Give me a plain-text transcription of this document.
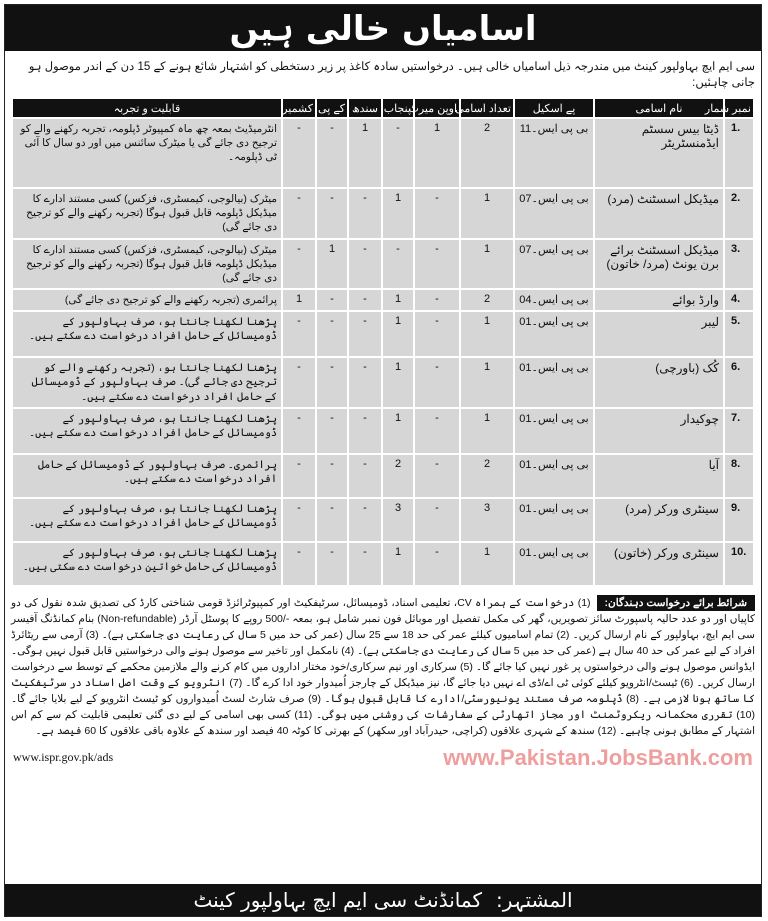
اسامیاں خالی ہیں
سی ایم ایچ بہاولپور کینٹ میں مندرجہ ذیل اسامیاں خالی ہیں۔ درخواستیں سادہ کاغذ پر زیر دستخطی کو اشتہار شائع ہونے کے 15 دن کے اندر موصول ہو جانی چاہئیں:
نمبر شمار	نام اسامی	پے اسکیل	تعداد اسامی	اوپن میرٹ	پنجاب	سندھ	کے پی	کشمیر	قابلیت و تجربہ
1.	ڈیٹا بیس سسٹم ایڈمنسٹریٹر	بی پی ایس۔11	2	1	-	1	-	-	انٹرمیڈیٹ بمعہ چھ ماہ کمپیوٹر ڈپلومہ، تجربہ رکھنے والے کو ترجیح دی جائے گی یا میٹرک سائنس میں اور دو سال کا آئی ٹی ڈپلومہ۔
2.	میڈیکل اسسٹنٹ (مرد)	بی پی ایس۔07	1	-	1	-	-	-	میٹرک (بیالوجی، کیمسٹری، فزکس) کسی مستند ادارے کا میڈیکل ڈپلومہ قابل قبول ہوگا (تجربہ رکھنے والے کو ترجیح دی جائے گی)
3.	میڈیکل اسسٹنٹ برائے برن یونٹ (مرد/ خاتون)	بی پی ایس۔07	1	-	-	-	1	-	میٹرک (بیالوجی، کیمسٹری، فزکس) کسی مستند ادارے کا میڈیکل ڈپلومہ قابل قبول ہوگا (تجربہ رکھنے والے کو ترجیح دی جائے گی)
4.	وارڈ بوائے	بی پی ایس۔04	2	-	1	-	-	1	پرائمری (تجربہ رکھنے والے کو ترجیح دی جائے گی)
5.	لیبر	بی پی ایس۔01	1	-	1	-	-	-	پڑھنا لکھنا جانتا ہو، صرف بہاولپور کے ڈومیسائل کے حامل افراد درخواست دے سکتے ہیں۔
6.	کُک (باورچی)	بی پی ایس۔01	1	-	1	-	-	-	پڑھنا لکھنا جانتا ہو، (تجربہ رکھنے والے کو ترجیح دی جائے گی)۔ صرف بہاولپور کے ڈومیسائل کے حامل افراد درخواست دے سکتے ہیں۔
7.	چوکیدار	بی پی ایس۔01	1	-	1	-	-	-	پڑھنا لکھنا جانتا ہو، صرف بہاولپور کے ڈومیسائل کے حامل افراد درخواست دے سکتے ہیں۔
8.	آیا	بی پی ایس۔01	2	-	2	-	-	-	پرائمری۔ صرف بہاولپور کے ڈومیسائل کے حامل افراد درخواست دے سکتے ہیں۔
9.	سینٹری ورکر (مرد)	بی پی ایس۔01	3	-	3	-	-	-	پڑھنا لکھنا جانتا ہو، صرف بہاولپور کے ڈومیسائل کے حامل افراد درخواست دے سکتے ہیں۔
10.	سینٹری ورکر (خاتون)	بی پی ایس۔01	1	-	1	-	-	-	پڑھنا لکھنا جانتی ہو، صرف بہاولپور کے ڈومیسائل کی حامل خواتین درخواست دے سکتی ہیں۔
شرائط برائے درخواست دہندگان:(1) درخواست کے ہمراہ CV، تعلیمی اسناد، ڈومیسائل، سرٹیفکیٹ اور کمپیوٹرائزڈ قومی شناختی کارڈ کی تصدیق شدہ نقول کی دو کاپیاں اور دو عدد حالیہ پاسپورٹ سائز تصویریں، گھر کی مکمل تفصیل اور موبائل فون نمبر شامل ہو، بمعہ -/500 روپے کا پوسٹل آرڈر (Non-refundable) بنام کمانڈنگ آفیسر سی ایم ایچ، بہاولپور کے نام ارسال کریں۔ (2) تمام اسامیوں کیلئے عمر کی حد 18 سے 25 سال (عمر کی حد میں 5 سال کی رعایت دی جاسکتی ہے)۔ (3) آرمی سے ریٹائرڈ افراد کے لیے عمر کی حد 40 سال ہے (عمر کی حد میں 5 سال کی رعایت دی جاسکتی ہے)۔ (4) نامکمل اور تاخیر سے موصول ہونے والی درخواستیں قابل قبول نہیں ہوگی۔ ایڈوانس موصول ہونے والی درخواستوں پر غور نہیں کیا جائے گا۔ (5) سرکاری اور نیم سرکاری/خود مختار اداروں میں کام کرنے والے ملازمین محکمے کے توسط سے درخواست ارسال کریں۔ (6) ٹیسٹ/انٹرویو کیلئے کوئی ٹی اے/ڈی اے نہیں دیا جائے گا، نیز میڈیکل کے چارجز اُمیدوار خود ادا کرے گا۔ (7) انٹرویو کے وقت اصل اسناد در سرٹیفکیٹ کا ساتھ ہونا لازمی ہے۔ (8) ڈپلومہ صرف مستند یونیورسٹی/ادارے کا قابل قبول ہوگا۔ (9) صرف شارٹ لسٹ اُمیدواروں کو ٹیسٹ انٹرویو کے لیے بلایا جائے گا۔ (10) تقرری محکمانہ ریکروٹمنٹ اور مجاز اتھارٹی کے سفارشات کی روشنی میں ہوگی۔ (11) کسی بھی اسامی کے لیے دی گئی تعلیمی قابلیت کم سے کم اس اشتہار کے مطابق ہونی چاہیے۔ (12) سندھ کے شہری علاقوں (کراچی، حیدرآباد اور سکھر) کے بھرتی کا کوٹہ 40 فیصد اور سندھ کے علاوہ باقی علاقوں کا 60 فیصد ہے۔
www.ispr.gov.pk/ads	www.Pakistan.JobsBank.com
المشتہر:
کمانڈنٹ سی ایم ایچ بہاولپور کینٹ
